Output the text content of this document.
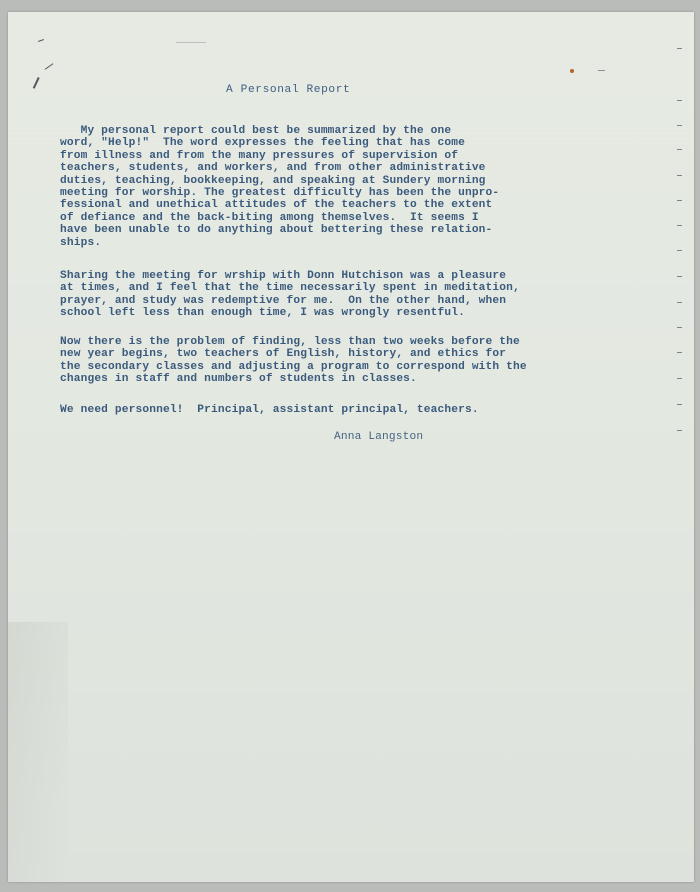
A Personal Report
My personal report could best be summarized by the one
word, "Help!"  The word expresses the feeling that has come
from illness and from the many pressures of supervision of
teachers, students, and workers, and from other administrative
duties, teaching, bookkeeping, and speaking at Sundery morning
meeting for worship. The greatest difficulty has been the unpro-
fessional and unethical attitudes of the teachers to the extent
of defiance and the back-biting among themselves.  It seems I
have been unable to do anything about bettering these relation-
ships.
Sharing the meeting for wrship with Donn Hutchison was a pleasure
at times, and I feel that the time necessarily spent in meditation,
prayer, and study was redemptive for me.  On the other hand, when
school left less than enough time, I was wrongly resentful.
Now there is the problem of finding, less than two weeks before the
new year begins, two teachers of English, history, and ethics for
the secondary classes and adjusting a program to correspond with the
changes in staff and numbers of students in classes.
We need personnel!  Principal, assistant principal, teachers.
Anna Langston
